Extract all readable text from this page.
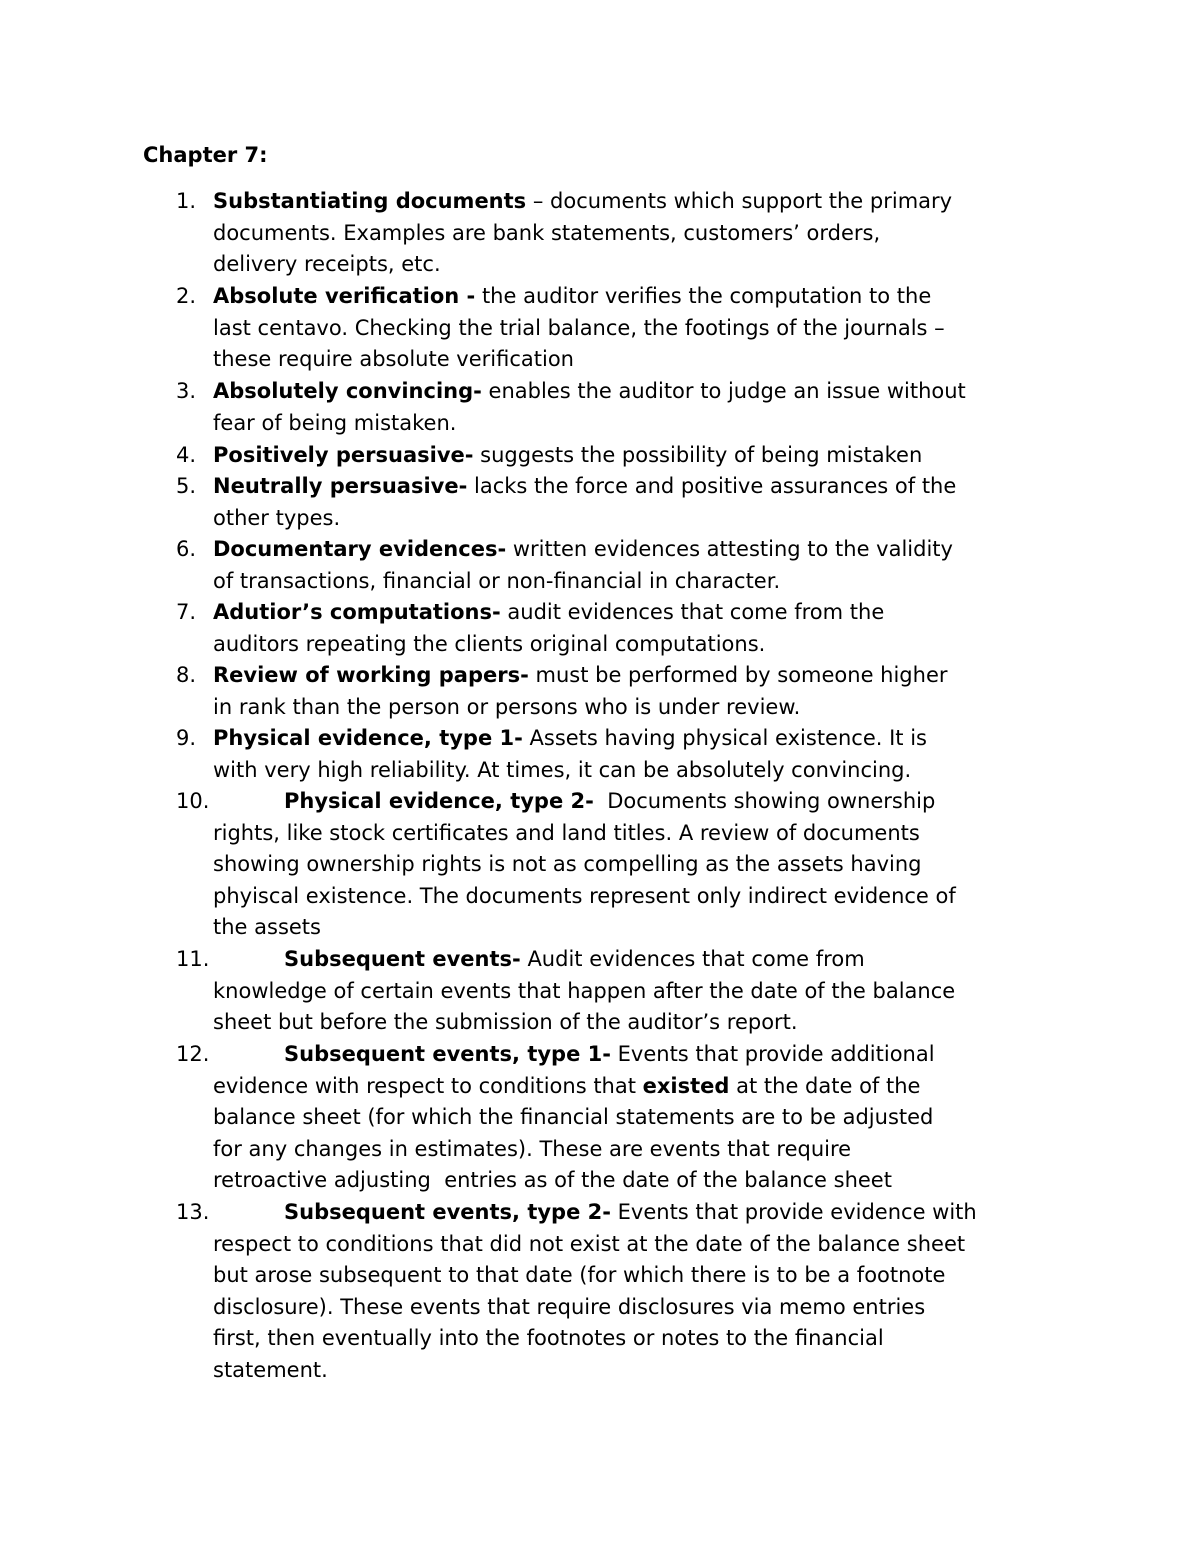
Chapter 7:
1. Substantiating documents – documents which support the primary
documents. Examples are bank statements, customers’ orders,
delivery receipts, etc.
2. Absolute verification - the auditor verifies the computation to the
last centavo. Checking the trial balance, the footings of the journals –
these require absolute verification
3. Absolutely convincing- enables the auditor to judge an issue without
fear of being mistaken.
4. Positively persuasive- suggests the possibility of being mistaken
5. Neutrally persuasive- lacks the force and positive assurances of the
other types.
6. Documentary evidences- written evidences attesting to the validity
of transactions, financial or non-financial in character.
7. Adutior’s computations- audit evidences that come from the
auditors repeating the clients original computations.
8. Review of working papers- must be performed by someone higher
in rank than the person or persons who is under review.
9. Physical evidence, type 1- Assets having physical existence. It is
with very high reliability. At times, it can be absolutely convincing.
10.	Physical evidence, type 2-  Documents showing ownership
rights, like stock certificates and land titles. A review of documents
showing ownership rights is not as compelling as the assets having
phyiscal existence. The documents represent only indirect evidence of
the assets
11.	Subsequent events- Audit evidences that come from
knowledge of certain events that happen after the date of the balance
sheet but before the submission of the auditor’s report.
12.	Subsequent events, type 1- Events that provide additional
evidence with respect to conditions that existed at the date of the
balance sheet (for which the financial statements are to be adjusted
for any changes in estimates). These are events that require
retroactive adjusting  entries as of the date of the balance sheet
13.	Subsequent events, type 2- Events that provide evidence with
respect to conditions that did not exist at the date of the balance sheet
but arose subsequent to that date (for which there is to be a footnote
disclosure). These events that require disclosures via memo entries
first, then eventually into the footnotes or notes to the financial
statement.
